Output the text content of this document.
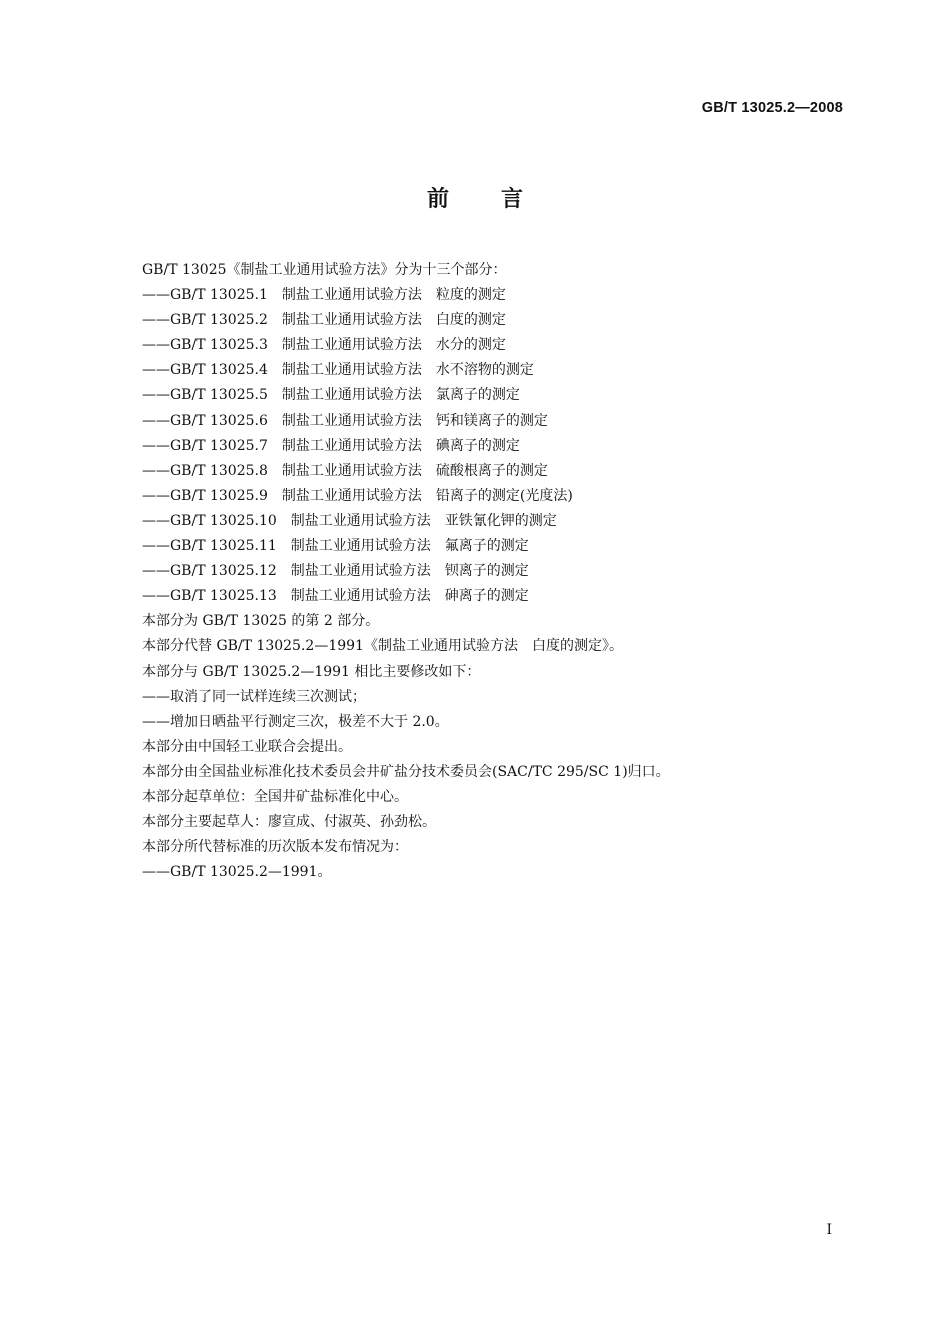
GB/T 13025.2—2008
前 言
GB/T 13025《制盐工业通用试验方法》分为十三个部分：
——GB/T 13025.1　制盐工业通用试验方法　粒度的测定
——GB/T 13025.2　制盐工业通用试验方法　白度的测定
——GB/T 13025.3　制盐工业通用试验方法　水分的测定
——GB/T 13025.4　制盐工业通用试验方法　水不溶物的测定
——GB/T 13025.5　制盐工业通用试验方法　氯离子的测定
——GB/T 13025.6　制盐工业通用试验方法　钙和镁离子的测定
——GB/T 13025.7　制盐工业通用试验方法　碘离子的测定
——GB/T 13025.8　制盐工业通用试验方法　硫酸根离子的测定
——GB/T 13025.9　制盐工业通用试验方法　铅离子的测定(光度法)
——GB/T 13025.10　制盐工业通用试验方法　亚铁氰化钾的测定
——GB/T 13025.11　制盐工业通用试验方法　氟离子的测定
——GB/T 13025.12　制盐工业通用试验方法　钡离子的测定
——GB/T 13025.13　制盐工业通用试验方法　砷离子的测定
本部分为 GB/T 13025 的第 2 部分。
本部分代替 GB/T 13025.2—1991《制盐工业通用试验方法　白度的测定》。
本部分与 GB/T 13025.2—1991 相比主要修改如下：
——取消了同一试样连续三次测试；
——增加日晒盐平行测定三次，极差不大于 2.0。
本部分由中国轻工业联合会提出。
本部分由全国盐业标准化技术委员会井矿盐分技术委员会(SAC/TC 295/SC 1)归口。
本部分起草单位：全国井矿盐标准化中心。
本部分主要起草人：廖宣成、付淑英、孙劲松。
本部分所代替标准的历次版本发布情况为：
——GB/T 13025.2—1991。
I
